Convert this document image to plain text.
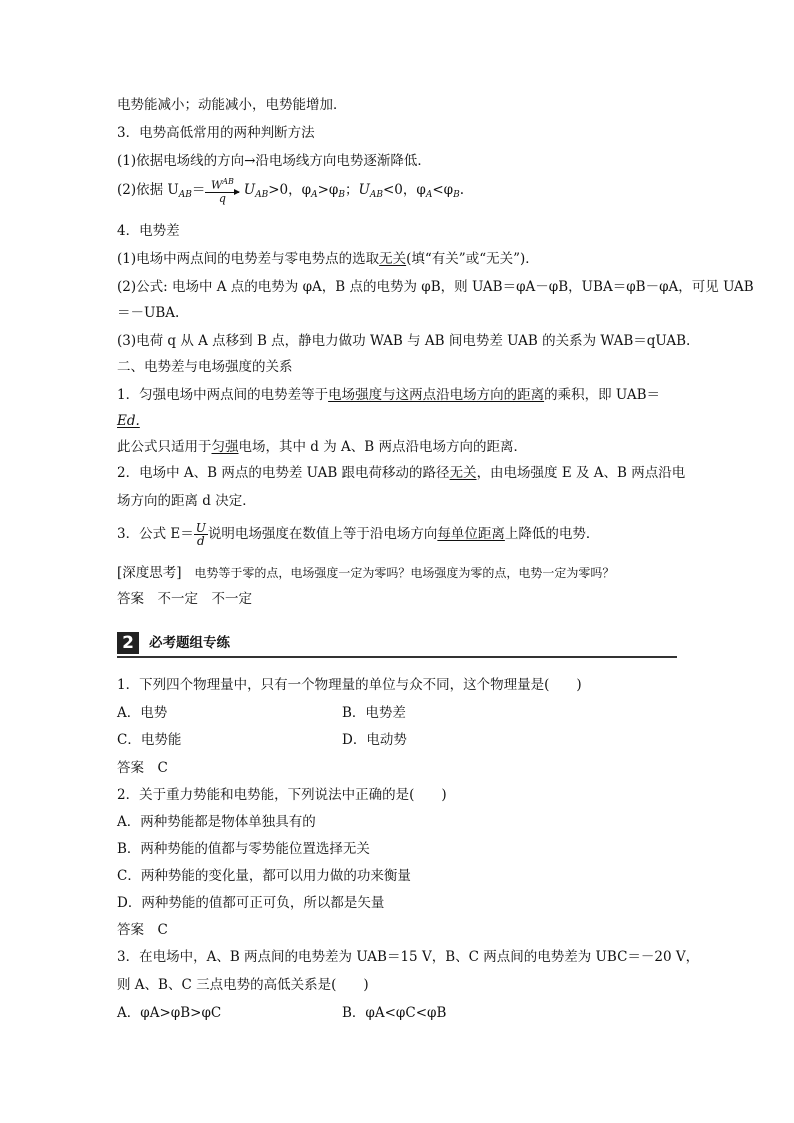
电势能减小；动能减小，电势能增加．
3．电势高低常用的两种判断方法
(1)依据电场线的方向→沿电场线方向电势逐渐降低．
(2)依据 $U_{AB}= \frac{W^{AB}}{q} U_{AB}>0$，$\varphi_A>\varphi_B$；$U_{AB}<0$，$\varphi_A<\varphi_B$.
4．电势差
(1)电场中两点间的电势差与零电势点的选取无关(填“有关”或“无关”)．
(2)公式: 电场中 A 点的电势为 φA，B 点的电势为 φB，则 UAB＝φA－φB，UBA＝φB－φA，可见 UAB
＝－UBA.
(3)电荷 q 从 A 点移到 B 点，静电力做功 WAB 与 AB 间电势差 UAB 的关系为 WAB＝qUAB.
二、电势差与电场强度的关系
1．匀强电场中两点间的电势差等于电场强度与这两点沿电场方向的距离的乘积，即 UAB＝
Ed.
此公式只适用于匀强电场，其中 d 为 A、B 两点沿电场方向的距离．
2．电场中 A、B 两点的电势差 UAB 跟电荷移动的路径无关，由电场强度 E 及 A、B 两点沿电
场方向的距离 d 决定．
3．公式 $E= \frac{U}{d}$ 说明电场强度在数值上等于沿电场方向每单位距离上降低的电势．
[深度思考] 电势等于零的点，电场强度一定为零吗？电场强度为零的点，电势一定为零吗？
答案　不一定　不一定
2	必考题组专练
1．下列四个物理量中，只有一个物理量的单位与众不同，这个物理量是(　　)
A．电势	B．电势差
C．电势能	D．电动势
答案　C
2．关于重力势能和电势能，下列说法中正确的是(　　)
A．两种势能都是物体单独具有的
B．两种势能的值都与零势能位置选择无关
C．两种势能的变化量，都可以用力做的功来衡量
D．两种势能的值都可正可负，所以都是矢量
答案　C
3．在电场中，A、B 两点间的电势差为 UAB＝15 V，B、C 两点间的电势差为 UBC＝－20 V，
则 A、B、C 三点电势的高低关系是(　　)
A．φA>φB>φC	B．φA<φC<φB
